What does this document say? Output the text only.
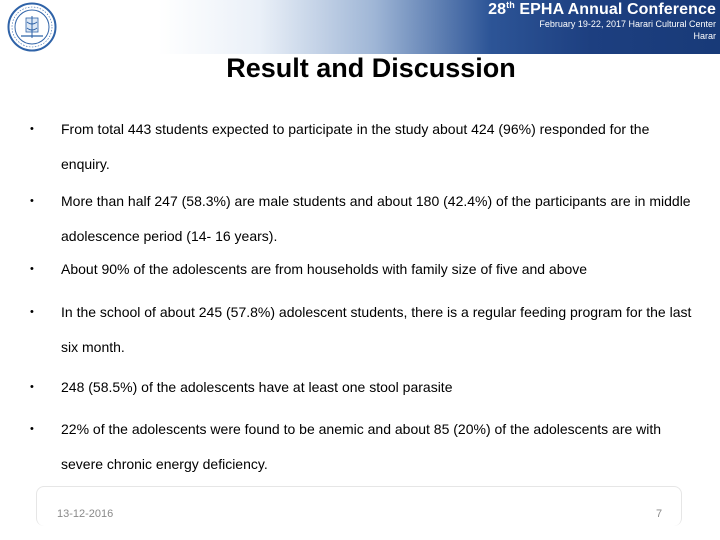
28th EPHA Annual Conference
February 19-22, 2017 Harari Cultural Center
Harar
Result and Discussion
•	From total 443 students expected to participate in the study about 424 (96%) responded for the enquiry.
•	More than half 247 (58.3%) are male students and about 180 (42.4%) of the participants are in middle adolescence period (14- 16 years).
•	About 90% of the adolescents are from households with family size of five and above
•	In the school of about 245 (57.8%) adolescent students, there is a regular feeding program for the last six month.
•	248 (58.5%) of the adolescents have at least one stool parasite
•	22% of the adolescents were found to be anemic and about 85 (20%) of the adolescents are with severe chronic energy deficiency.
13-12-2016	7
